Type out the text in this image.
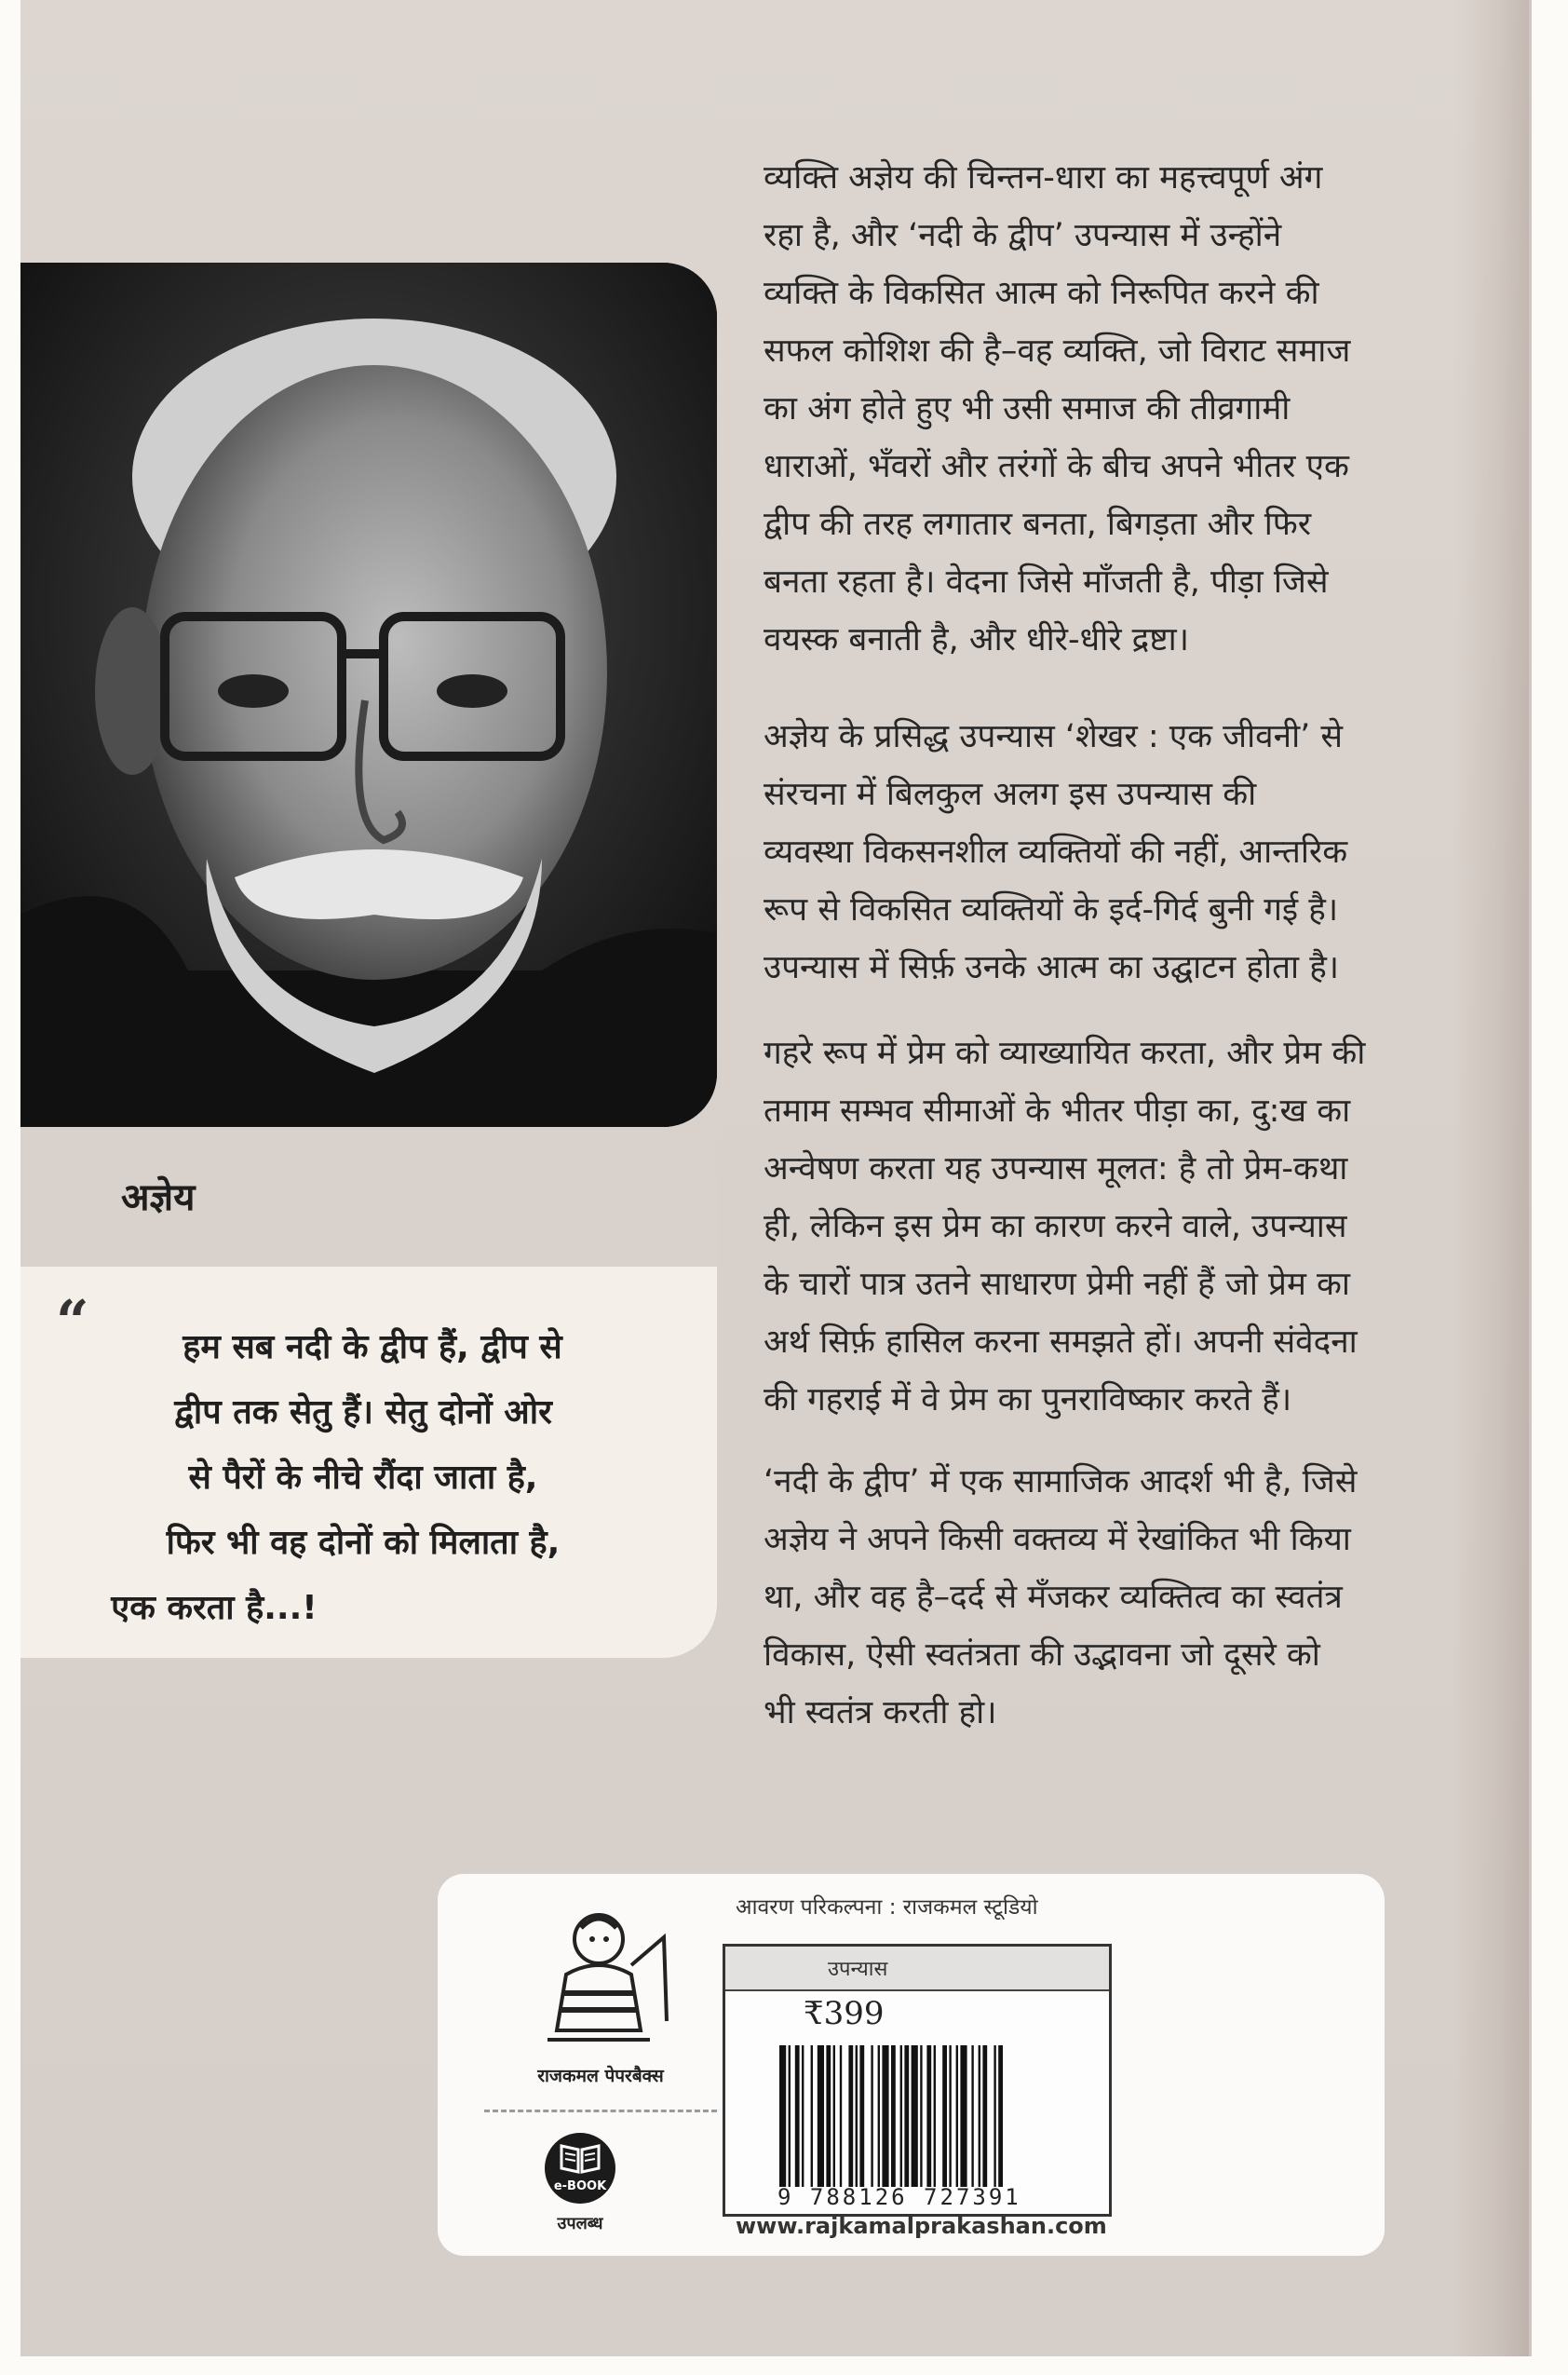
अज्ञेय
“	हम सब नदी के द्वीप हैं, द्वीप से
द्वीप तक सेतु हैं। सेतु दोनों ओर
से पैरों के नीचे रौंदा जाता है,
फिर भी वह दोनों को मिलाता है,
एक करता है...!
व्यक्ति अज्ञेय की चिन्तन-धारा का महत्त्वपूर्ण अंग
रहा है, और ‘नदी के द्वीप’ उपन्यास में उन्होंने
व्यक्ति के विकसित आत्म को निरूपित करने की
सफल कोशिश की है–वह व्यक्ति, जो विराट समाज
का अंग होते हुए भी उसी समाज की तीव्रगामी
धाराओं, भँवरों और तरंगों के बीच अपने भीतर एक
द्वीप की तरह लगातार बनता, बिगड़ता और फिर
बनता रहता है। वेदना जिसे माँजती है, पीड़ा जिसे
वयस्क बनाती है, और धीरे-धीरे द्रष्टा।
अज्ञेय के प्रसिद्ध उपन्यास ‘शेखर : एक जीवनी’ से
संरचना में बिलकुल अलग इस उपन्यास की
व्यवस्था विकसनशील व्यक्तियों की नहीं, आन्तरिक
रूप से विकसित व्यक्तियों के इर्द-गिर्द बुनी गई है।
उपन्यास में सिर्फ़ उनके आत्म का उद्घाटन होता है।
गहरे रूप में प्रेम को व्याख्यायित करता, और प्रेम की
तमाम सम्भव सीमाओं के भीतर पीड़ा का, दु:ख का
अन्वेषण करता यह उपन्यास मूलत: है तो प्रेम-कथा
ही, लेकिन इस प्रेम का कारण करने वाले, उपन्यास
के चारों पात्र उतने साधारण प्रेमी नहीं हैं जो प्रेम का
अर्थ सिर्फ़ हासिल करना समझते हों। अपनी संवेदना
की गहराई में वे प्रेम का पुनराविष्कार करते हैं।
‘नदी के द्वीप’ में एक सामाजिक आदर्श भी है, जिसे
अज्ञेय ने अपने किसी वक्तव्य में रेखांकित भी किया
था, और वह है–दर्द से मँजकर व्यक्तित्व का स्वतंत्र
विकास, ऐसी स्वतंत्रता की उद्भावना जो दूसरे को
भी स्वतंत्र करती हो।
राजकमल पेपरबैक्स
e-BOOK
उपलब्ध
आवरण परिकल्पना : राजकमल स्टूडियो
उपन्यास
₹399
9 788126 727391
www.rajkamalprakashan.com
